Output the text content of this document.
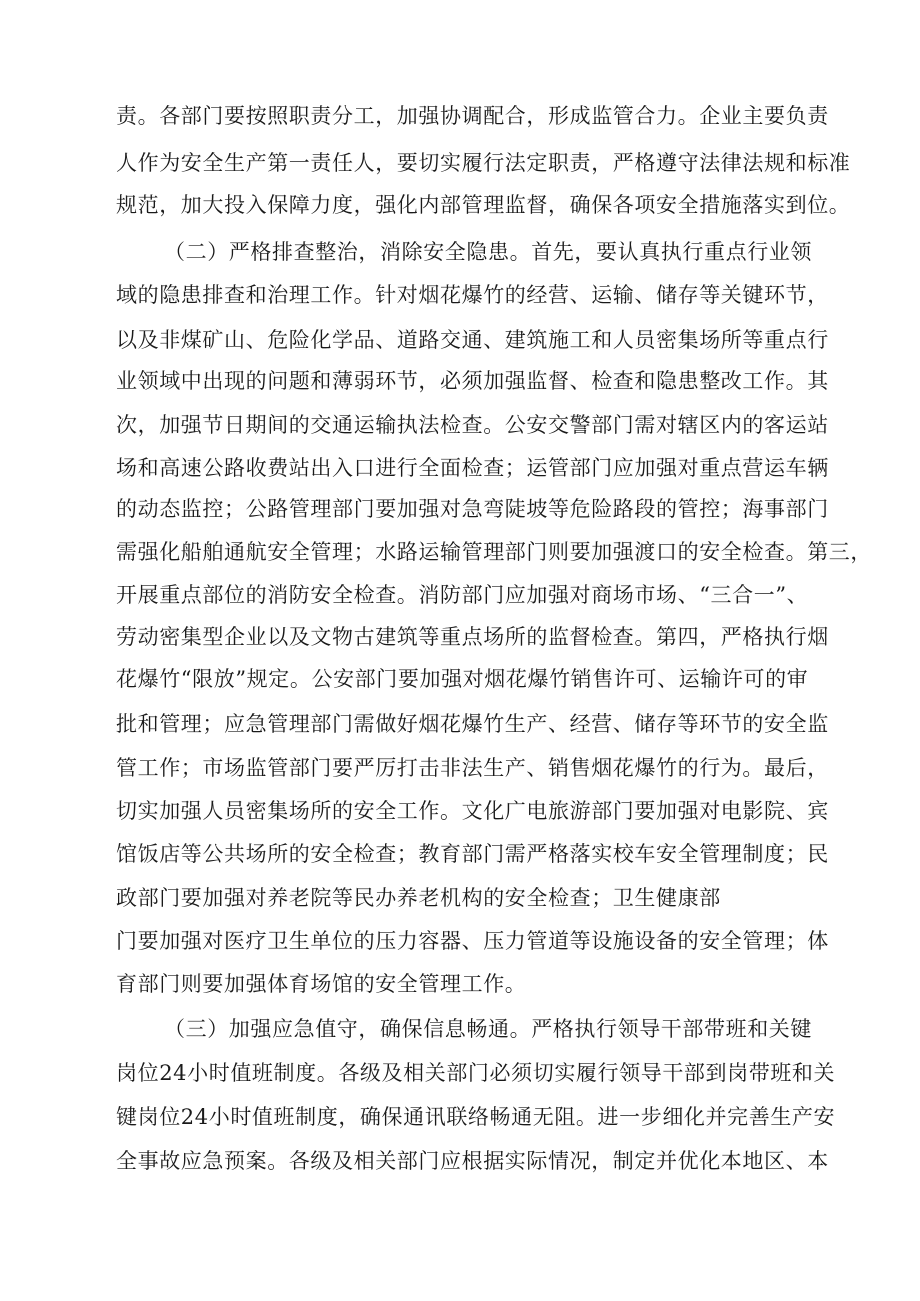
责。各部门要按照职责分工，加强协调配合，形成监管合力。企业主要负责
人作为安全生产第一责任人，要切实履行法定职责，严格遵守法律法规和标准
规范，加大投入保障力度，强化内部管理监督，确保各项安全措施落实到位。
（二）严格排查整治，消除安全隐患。首先，要认真执行重点行业领
域的隐患排查和治理工作。针对烟花爆竹的经营、运输、储存等关键环节，
以及非煤矿山、危险化学品、道路交通、建筑施工和人员密集场所等重点行
业领域中出现的问题和薄弱环节，必须加强监督、检查和隐患整改工作。其
次，加强节日期间的交通运输执法检查。公安交警部门需对辖区内的客运站
场和高速公路收费站出入口进行全面检查；运管部门应加强对重点营运车辆
的动态监控；公路管理部门要加强对急弯陡坡等危险路段的管控；海事部门
需强化船舶通航安全管理；水路运输管理部门则要加强渡口的安全检查。第三，
开展重点部位的消防安全检查。消防部门应加强对商场市场、“三合一”、
劳动密集型企业以及文物古建筑等重点场所的监督检查。第四，严格执行烟
花爆竹“限放”规定。公安部门要加强对烟花爆竹销售许可、运输许可的审
批和管理；应急管理部门需做好烟花爆竹生产、经营、储存等环节的安全监
管工作；市场监管部门要严厉打击非法生产、销售烟花爆竹的行为。最后，
切实加强人员密集场所的安全工作。文化广电旅游部门要加强对电影院、宾
馆饭店等公共场所的安全检查；教育部门需严格落实校车安全管理制度；民
政部门要加强对养老院等民办养老机构的安全检查；卫生健康部
门要加强对医疗卫生单位的压力容器、压力管道等设施设备的安全管理；体
育部门则要加强体育场馆的安全管理工作。
（三）加强应急值守，确保信息畅通。严格执行领导干部带班和关键
岗位24小时值班制度。各级及相关部门必须切实履行领导干部到岗带班和关
键岗位24小时值班制度，确保通讯联络畅通无阻。进一步细化并完善生产安
全事故应急预案。各级及相关部门应根据实际情况，制定并优化本地区、本
